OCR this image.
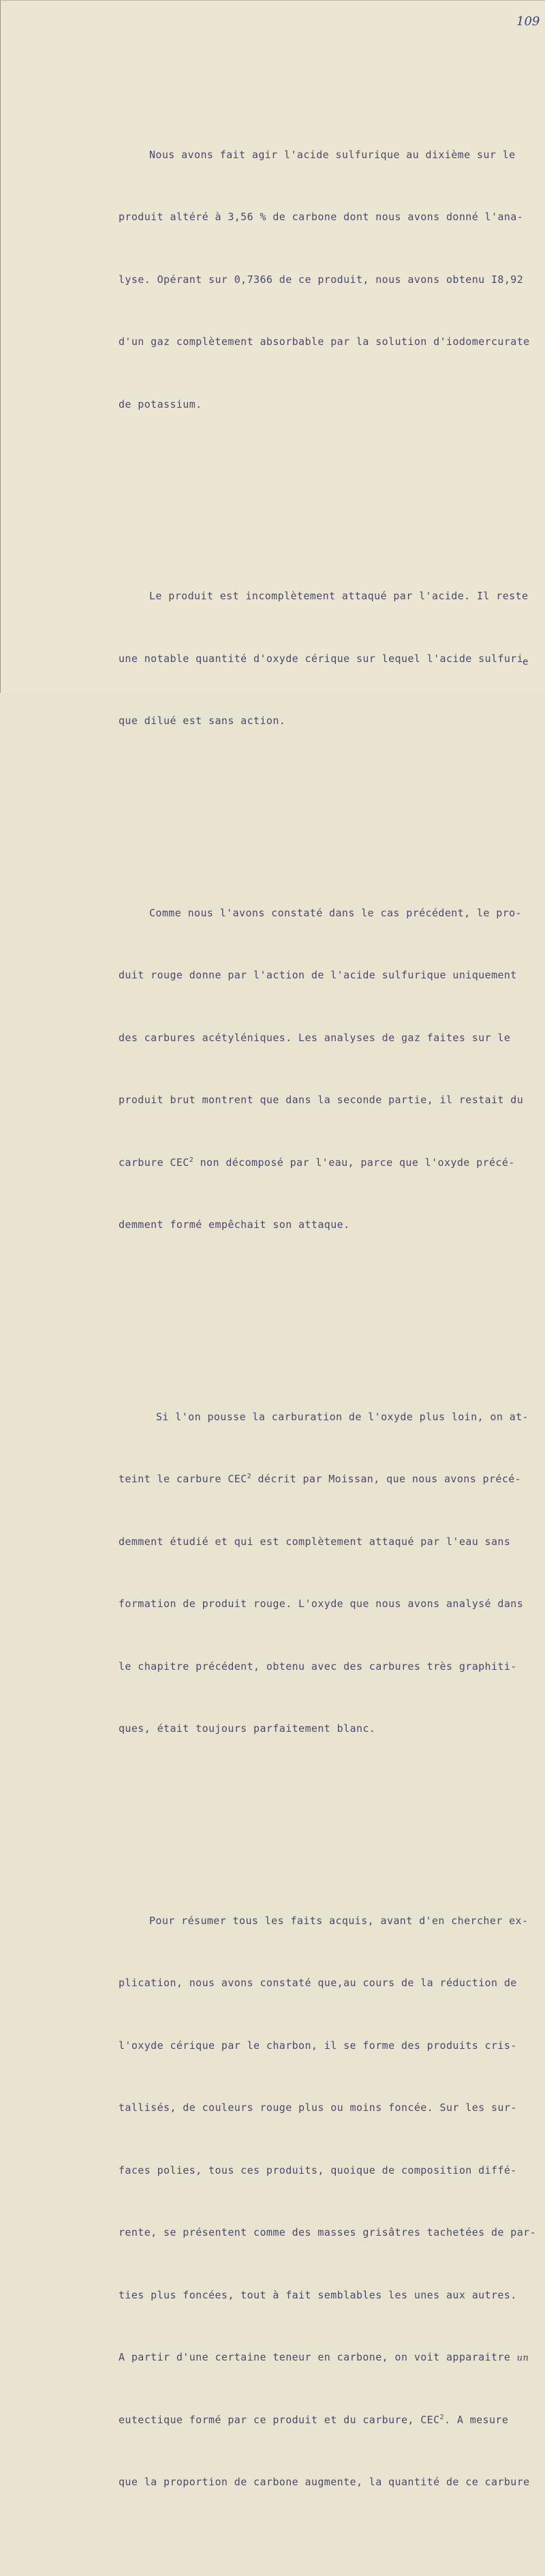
109

Nous avons fait agir l'acide sulfurique au dixième sur le

produit altéré à 3,56 % de carbone dont nous avons donné l'ana-

lyse. Opérant sur 0,7366 de ce produit, nous avons obtenu I8,92

d'un gaz complètement absorbable par la solution d'iodomercurate

de potassium.

Le produit est incomplètement attaqué par l'acide. Il reste

une notable quantité d'oxyde cérique sur lequel l'acide sulfuri

que dilué est sans action.

Comme nous l'avons constaté dans le cas précédent, le pro-

duit rouge donne par l'action de l'acide sulfurique uniquement

des carbures acétyléniques. Les analyses de gaz faites sur le

produit brut montrent que dans la seconde partie, il restait du

carbure CEC$^2$ non décomposé par l'eau, parce que l'oxyde précé-

demment formé empêchait son attaque.

Si l'on pousse la carburation de l'oxyde plus loin, on at-

teint le carbure CEC$^2$ décrit par Moissan, que nous avons précé-

demment étudié et qui est complètement attaqué par l'eau sans

formation de produit rouge. L'oxyde que nous avons analysé dans

le chapitre précédent, obtenu avec des carbures très graphiti-

ques, était toujours parfaitement blanc.

Pour résumer tous les faits acquis, avant d'en chercher ex-

plication, nous avons constaté que,au cours de la réduction de

l'oxyde cérique par le charbon, il se forme des produits cris-

tallisés, de couleurs rouge plus ou moins foncée. Sur les sur-

faces polies, tous ces produits, quoique de composition diffé-

rente, se présentent comme des masses grisâtres tachetées de par-

ties plus foncées, tout à fait semblables les unes aux autres.

A partir d'une certaine teneur en carbone, on voit apparaitre un

eutectique formé par ce produit et du carbure, CEC$^2$. A mesure

que la proportion de carbone augmente, la quantité de ce carbure

e
